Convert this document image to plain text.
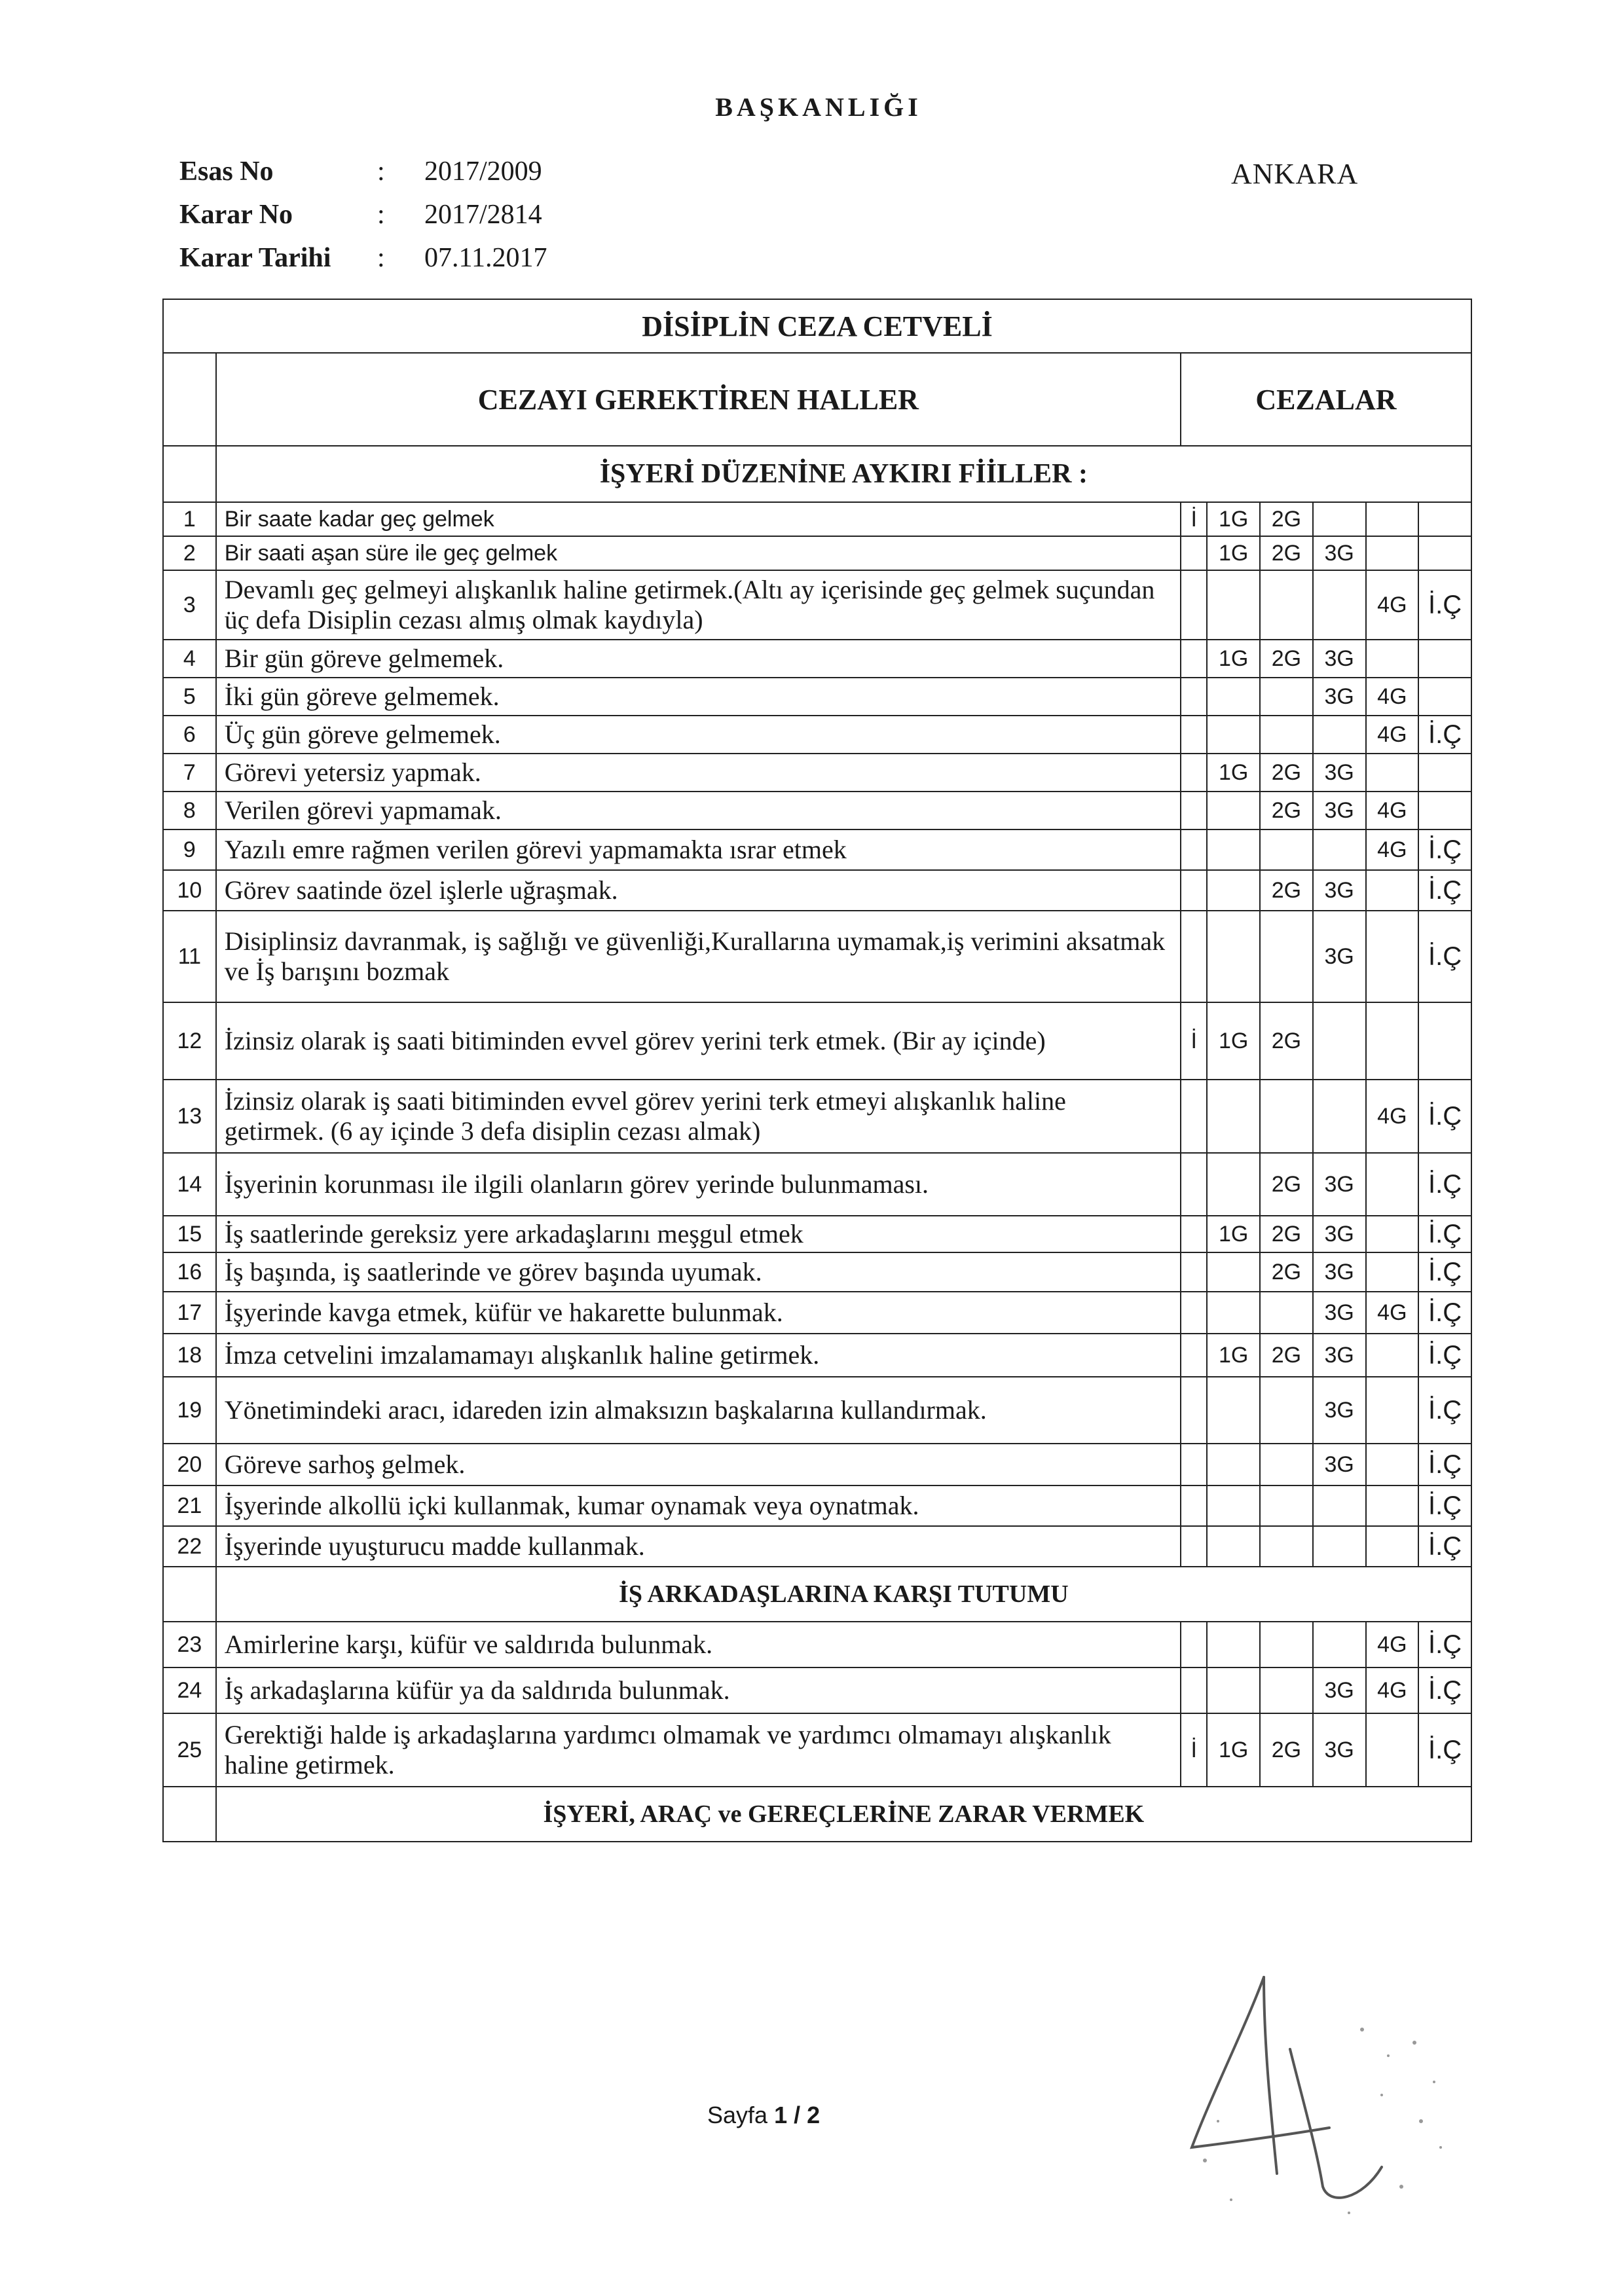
BAŞKANLIĞI
Esas No	:	2017/2009
Karar No	:	2017/2814
Karar Tarihi	:	07.11.2017
ANKARA
DİSİPLİN CEZA CETVELİ							
	CEZAYI GEREKTİREN HALLER	CEZALAR					
	İŞYERİ DÜZENİNE AYKIRI FİİLLER :						
1	Bir saate kadar geç gelmek	İ	1G	2G			
2	Bir saati aşan süre ile geç gelmek		1G	2G	3G		
3	Devamlı geç gelmeyi alışkanlık haline getirmek.(Altı ay içerisinde geç gelmek suçundan üç defa Disiplin cezası almış olmak kaydıyla)					4G	İ.Ç
4	Bir gün göreve gelmemek.		1G	2G	3G		
5	İki gün göreve gelmemek.				3G	4G	
6	Üç gün göreve gelmemek.					4G	İ.Ç
7	Görevi yetersiz yapmak.		1G	2G	3G		
8	Verilen görevi yapmamak.			2G	3G	4G	
9	Yazılı emre rağmen verilen görevi yapmamakta ısrar etmek					4G	İ.Ç
10	Görev saatinde özel işlerle uğraşmak.			2G	3G		İ.Ç
11	Disiplinsiz davranmak, iş sağlığı ve güvenliği,Kurallarına uymamak,iş verimini aksatmak ve İş barışını bozmak				3G		İ.Ç
12	İzinsiz olarak iş saati bitiminden evvel görev yerini terk etmek. (Bir ay içinde)	İ	1G	2G			
13	İzinsiz olarak iş saati bitiminden evvel görev yerini terk etmeyi alışkanlık haline getirmek. (6 ay içinde 3 defa disiplin cezası almak)					4G	İ.Ç
14	İşyerinin korunması ile ilgili olanların görev yerinde bulunmaması.			2G	3G		İ.Ç
15	İş saatlerinde gereksiz yere arkadaşlarını meşgul etmek		1G	2G	3G		İ.Ç
16	İş başında, iş saatlerinde ve görev başında uyumak.			2G	3G		İ.Ç
17	İşyerinde kavga etmek, küfür ve hakarette bulunmak.				3G	4G	İ.Ç
18	İmza cetvelini imzalamamayı alışkanlık haline getirmek.		1G	2G	3G		İ.Ç
19	Yönetimindeki aracı, idareden izin almaksızın başkalarına kullandırmak.				3G		İ.Ç
20	Göreve sarhoş gelmek.				3G		İ.Ç
21	İşyerinde alkollü içki kullanmak, kumar oynamak veya oynatmak.						İ.Ç
22	İşyerinde uyuşturucu madde kullanmak.						İ.Ç
	İŞ ARKADAŞLARINA KARŞI TUTUMU						
23	Amirlerine karşı, küfür ve saldırıda bulunmak.					4G	İ.Ç
24	İş arkadaşlarına küfür ya da saldırıda bulunmak.				3G	4G	İ.Ç
25	Gerektiği halde iş arkadaşlarına yardımcı olmamak ve yardımcı olmamayı alışkanlık haline getirmek.	İ	1G	2G	3G		İ.Ç
	İŞYERİ, ARAÇ ve GEREÇLERİNE ZARAR VERMEK						
Sayfa 1 / 2
